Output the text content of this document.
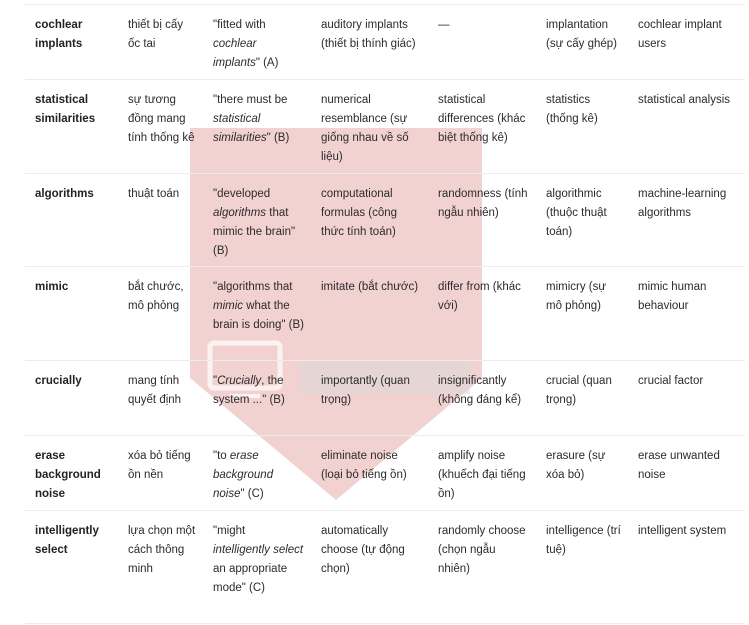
cochlear implants	thiết bị cấy ốc tai	"fitted with cochlear implants" (A)	auditory implants (thiết bị thính giác)	—	implantation (sự cấy ghép)	cochlear implant users
statistical similarities	sự tương đồng mang tính thống kê	"there must be statistical similarities" (B)	numerical resemblance (sự giống nhau về số liệu)	statistical differences (khác biệt thống kê)	statistics (thống kê)	statistical analysis
algorithms	thuật toán	"developed algorithms that mimic the brain" (B)	computational formulas (công thức tính toán)	randomness (tính ngẫu nhiên)	algorithmic (thuộc thuật toán)	machine-learning algorithms
mimic	bắt chước, mô phỏng	"algorithms that mimic what the brain is doing" (B)	imitate (bắt chước)	differ from (khác với)	mimicry (sự mô phỏng)	mimic human behaviour
crucially	mang tính quyết định	"Crucially, the system ..." (B)	importantly (quan trọng)	insignificantly (không đáng kể)	crucial (quan trọng)	crucial factor
erase background noise	xóa bỏ tiếng ồn nền	"to erase background noise" (C)	eliminate noise (loại bỏ tiếng ồn)	amplify noise (khuếch đại tiếng ồn)	erasure (sự xóa bỏ)	erase unwanted noise
intelligently select	lựa chọn một cách thông minh	"might intelligently select an appropriate mode" (C)	automatically choose (tự động chọn)	randomly choose (chọn ngẫu nhiên)	intelligence (trí tuệ)	intelligent system
